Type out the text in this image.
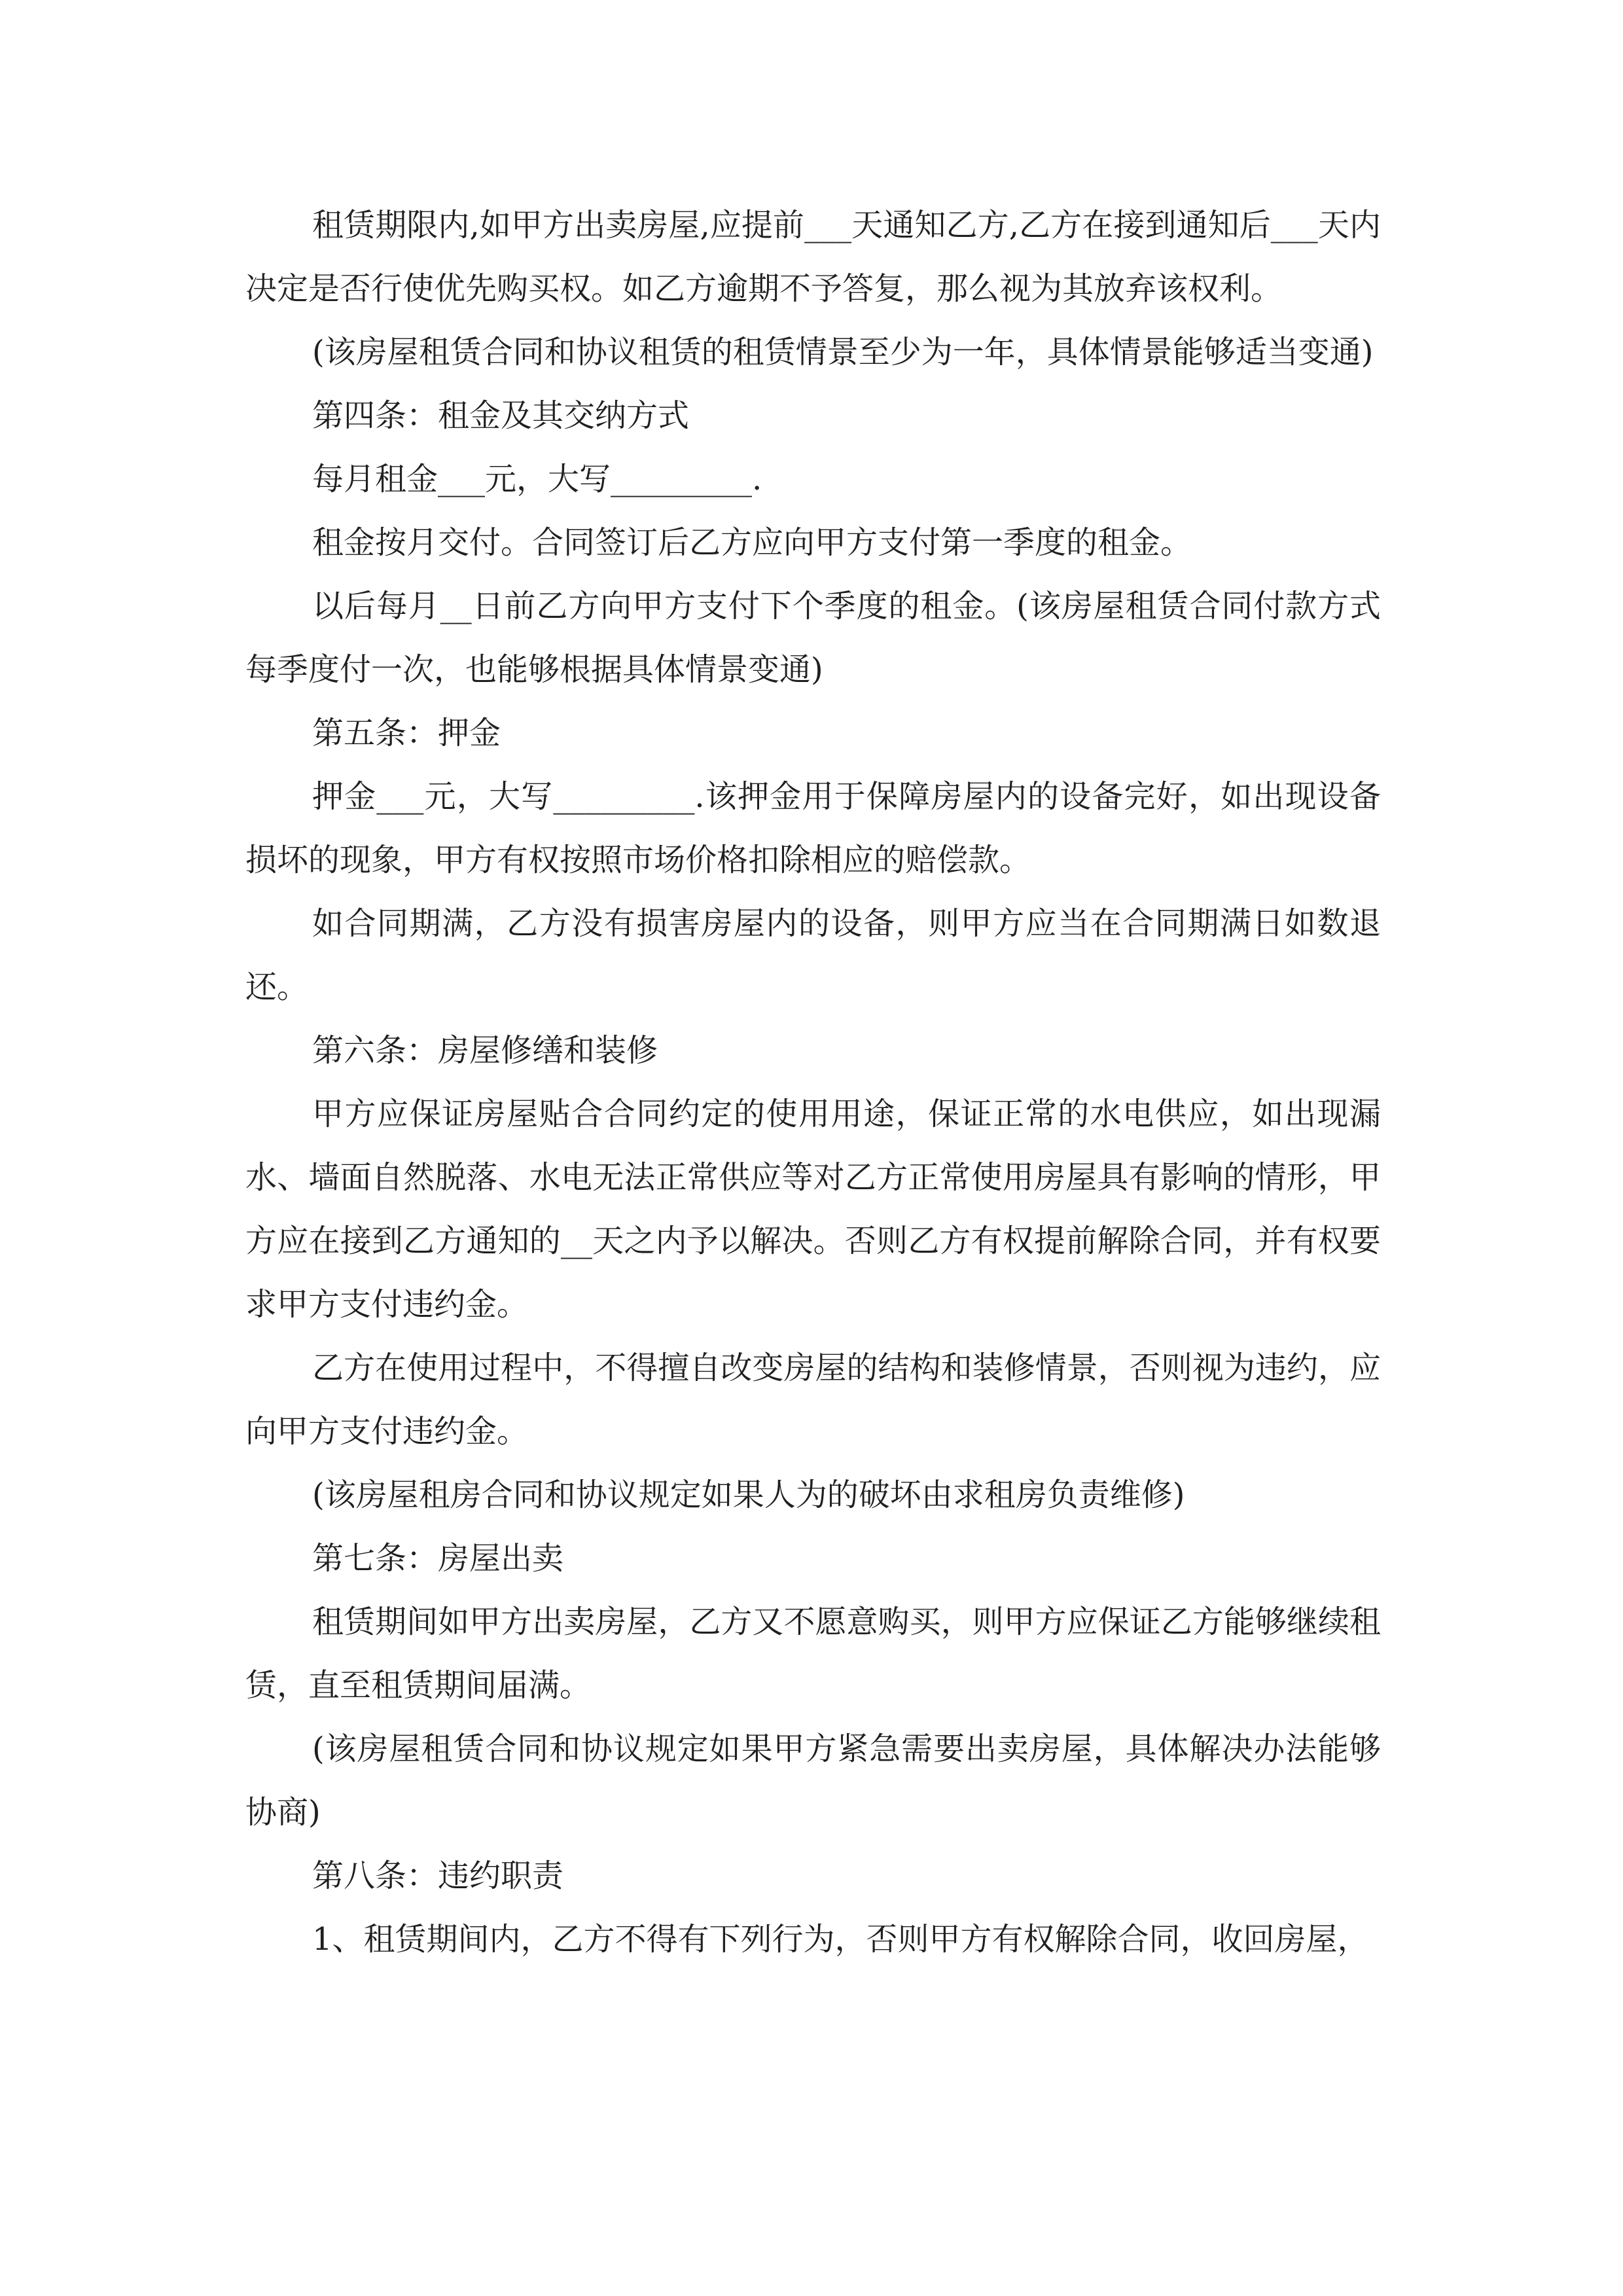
租赁期限内,如甲方出卖房屋,应提前___天通知乙方,乙方在接到通知后___天内决定是否行使优先购买权。如乙方逾期不予答复，那么视为其放弃该权利。

(该房屋租赁合同和协议租赁的租赁情景至少为一年，具体情景能够适当变通)

第四条：租金及其交纳方式

每月租金___元，大写_________.

租金按月交付。合同签订后乙方应向甲方支付第一季度的租金。

以后每月__日前乙方向甲方支付下个季度的租金。(该房屋租赁合同付款方式每季度付一次，也能够根据具体情景变通)

第五条：押金

押金___元，大写_________.该押金用于保障房屋内的设备完好，如出现设备损坏的现象，甲方有权按照市场价格扣除相应的赔偿款。

如合同期满，乙方没有损害房屋内的设备，则甲方应当在合同期满日如数退还。

第六条：房屋修缮和装修

甲方应保证房屋贴合合同约定的使用用途，保证正常的水电供应，如出现漏水、墙面自然脱落、水电无法正常供应等对乙方正常使用房屋具有影响的情形，甲方应在接到乙方通知的__天之内予以解决。否则乙方有权提前解除合同，并有权要求甲方支付违约金。

乙方在使用过程中，不得擅自改变房屋的结构和装修情景，否则视为违约，应向甲方支付违约金。

(该房屋租房合同和协议规定如果人为的破坏由求租房负责维修)

第七条：房屋出卖

租赁期间如甲方出卖房屋，乙方又不愿意购买，则甲方应保证乙方能够继续租赁，直至租赁期间届满。

(该房屋租赁合同和协议规定如果甲方紧急需要出卖房屋，具体解决办法能够协商)

第八条：违约职责

1、租赁期间内，乙方不得有下列行为，否则甲方有权解除合同，收回房屋，
